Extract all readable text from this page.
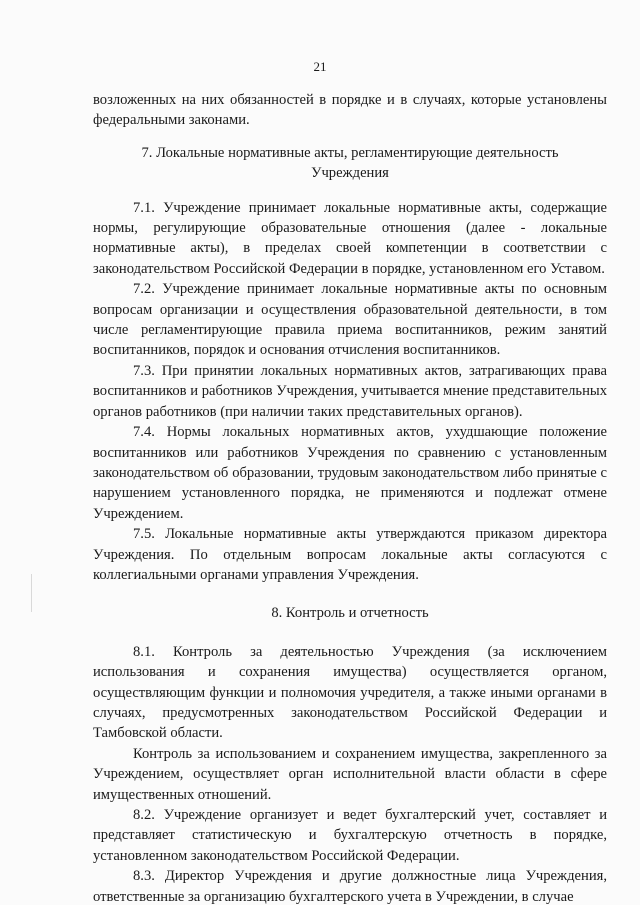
21

возложенных на них обязанностей в порядке и в случаях, которые установлены федеральными законами.

7. Локальные нормативные акты, регламентирующие деятельность
Учреждения

7.1. Учреждение принимает локальные нормативные акты, содержащие нормы, регулирующие образовательные отношения (далее - локальные нормативные акты), в пределах своей компетенции в соответствии с законодательством Российской Федерации в порядке, установленном его Уставом.

7.2. Учреждение принимает локальные нормативные акты по основным вопросам организации и осуществления образовательной деятельности, в том числе регламентирующие правила приема воспитанников, режим занятий воспитанников, порядок и основания отчисления воспитанников.

7.3. При принятии локальных нормативных актов, затрагивающих права воспитанников и работников Учреждения, учитывается мнение представительных органов работников (при наличии таких представительных органов).

7.4. Нормы локальных нормативных актов, ухудшающие положение воспитанников или работников Учреждения по сравнению с установленным законодательством об образовании, трудовым законодательством либо принятые с нарушением установленного порядка, не применяются и подлежат отмене Учреждением.

7.5. Локальные нормативные акты утверждаются приказом директора Учреждения. По отдельным вопросам локальные акты согласуются с коллегиальными органами управления Учреждения.

8. Контроль и отчетность

8.1. Контроль за деятельностью Учреждения (за исключением использования и сохранения имущества) осуществляется органом, осуществляющим функции и полномочия учредителя, а также иными органами в случаях, предусмотренных законодательством Российской Федерации и Тамбовской области.

Контроль за использованием и сохранением имущества, закрепленного за Учреждением, осуществляет орган исполнительной власти области в сфере имущественных отношений.

8.2. Учреждение организует и ведет бухгалтерский учет, составляет и представляет статистическую и бухгалтерскую отчетность в порядке, установленном законодательством Российской Федерации.

8.3. Директор Учреждения и другие должностные лица Учреждения, ответственные за организацию бухгалтерского учета в Учреждении, в случае
